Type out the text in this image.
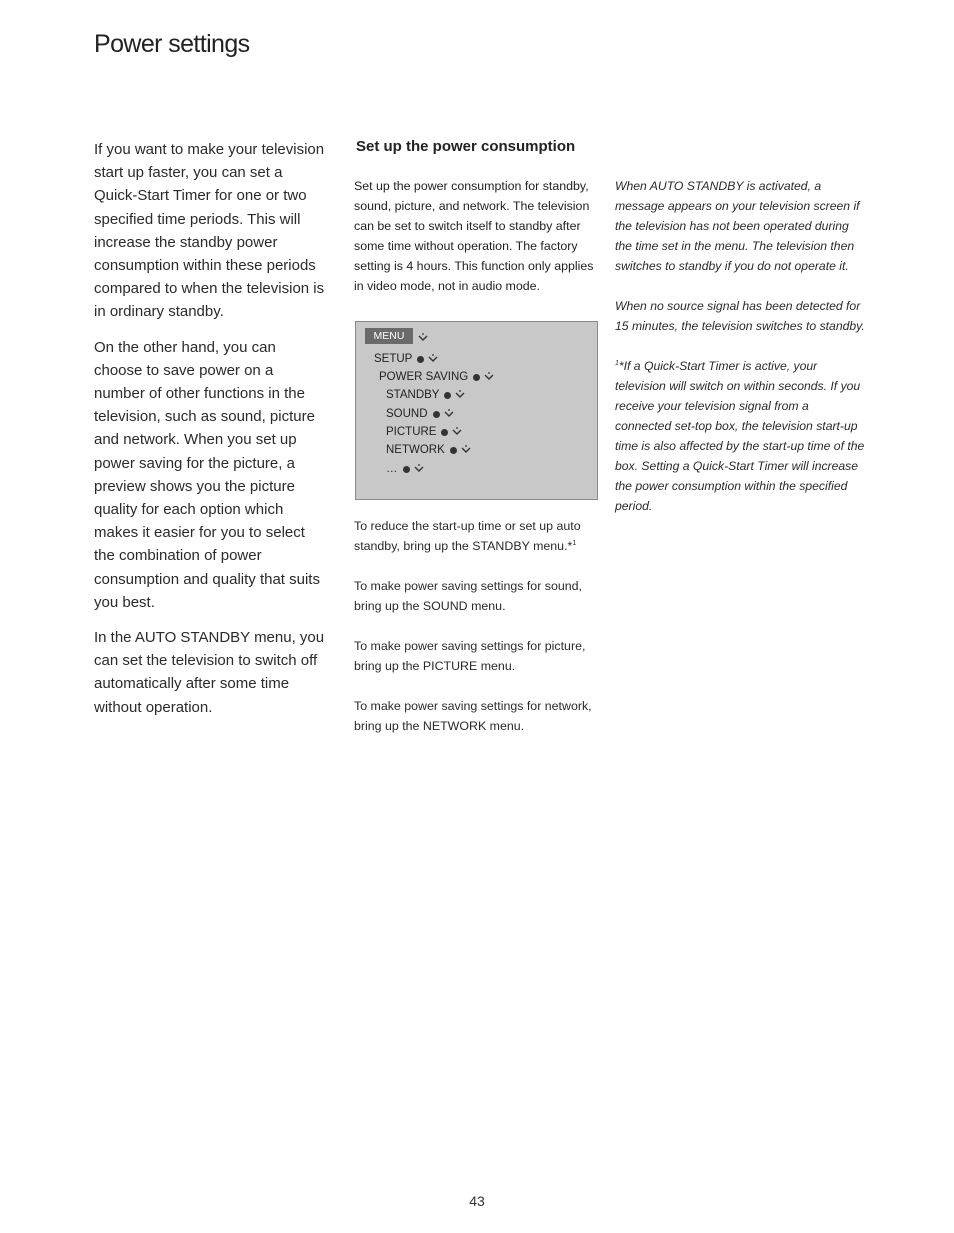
Power settings

If you want to make your television start up faster, you can set a Quick-Start Timer for one or two specified time periods. This will increase the standby power consumption within these periods compared to when the television is in ordinary standby.

On the other hand, you can choose to save power on a number of other functions in the television, such as sound, picture and network. When you set up power saving for the picture, a preview shows you the picture quality for each option which makes it easier for you to select the combination of power consumption and quality that suits you best.

In the AUTO STANDBY menu, you can set the television to switch off automatically after some time without operation.

Set up the power consumption
Set up the power consumption for standby, sound, picture, and network. The television can be set to switch itself to standby after some time without operation. The factory setting is 4 hours. This function only applies in video mode, not in audio mode.
MENU
SETUP
POWER SAVING
STANDBY
SOUND
PICTURE
NETWORK
…

To reduce the start-up time or set up auto standby, bring up the STANDBY menu.*$^1$

To make power saving settings for sound, bring up the SOUND menu.

To make power saving settings for picture, bring up the PICTURE menu.

To make power saving settings for network, bring up the NETWORK menu.

When AUTO STANDBY is activated, a message appears on your television screen if the television has not been operated during the time set in the menu. The television then switches to standby if you do not operate it.

When no source signal has been detected for 15 minutes, the television switches to standby.

$^1$*If a Quick-Start Timer is active, your television will switch on within seconds. If you receive your television signal from a connected set-top box, the television start-up time is also affected by the start-up time of the box. Setting a Quick-Start Timer will increase the power consumption within the specified period.

43
